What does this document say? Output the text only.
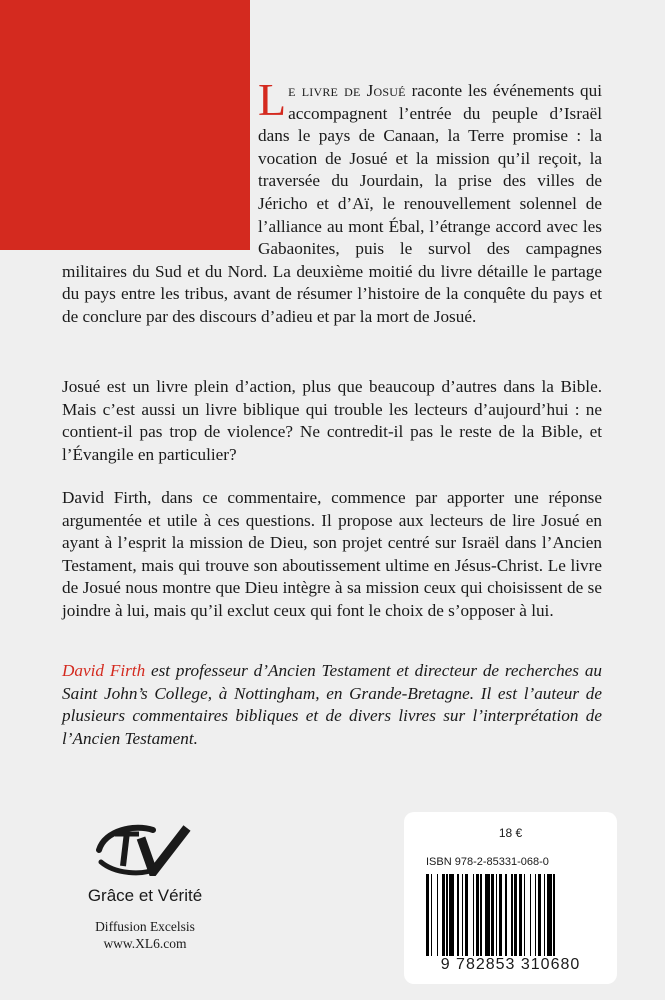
Le livre de Josué raconte les événements qui accompagnent l’entrée du peuple d’Israël dans le pays de Canaan, la Terre promise : la vocation de Josué et la mission qu’il reçoit, la traversée du Jourdain, la prise des villes de Jéricho et d’Aï, le renouvellement solennel de l’alliance au mont Ébal, l’étrange accord avec les Gabaonites, puis le survol des campagnes militaires du Sud et du Nord. La deuxième moitié du livre détaille le partage du pays entre les tribus, avant de résumer l’histoire de la conquête du pays et de conclure par des discours d’adieu et par la mort de Josué.

Josué est un livre plein d’action, plus que beaucoup d’autres dans la Bible. Mais c’est aussi un livre biblique qui trouble les lecteurs d’aujourd’hui : ne contient-il pas trop de violence? Ne contredit-il pas le reste de la Bible, et l’Évangile en particulier?

David Firth, dans ce commentaire, commence par apporter une réponse argumentée et utile à ces questions. Il propose aux lecteurs de lire Josué en ayant à l’esprit la mission de Dieu, son projet centré sur Israël dans l’Ancien Testament, mais qui trouve son aboutissement ultime en Jésus-Christ. Le livre de Josué nous montre que Dieu intègre à sa mission ceux qui choisissent de se joindre à lui, mais qu’il exclut ceux qui font le choix de s’opposer à lui.

David Firth est professeur d’Ancien Testament et directeur de recherches au Saint John’s College, à Nottingham, en Grande-Bretagne. Il est l’auteur de plusieurs commentaires bibliques et de divers livres sur l’interprétation de l’Ancien Testament.

Grâce et Vérité
Diffusion Excelsis
www.XL6.com
18 €
ISBN 978-2-85331-068-0
9 782853 310680
